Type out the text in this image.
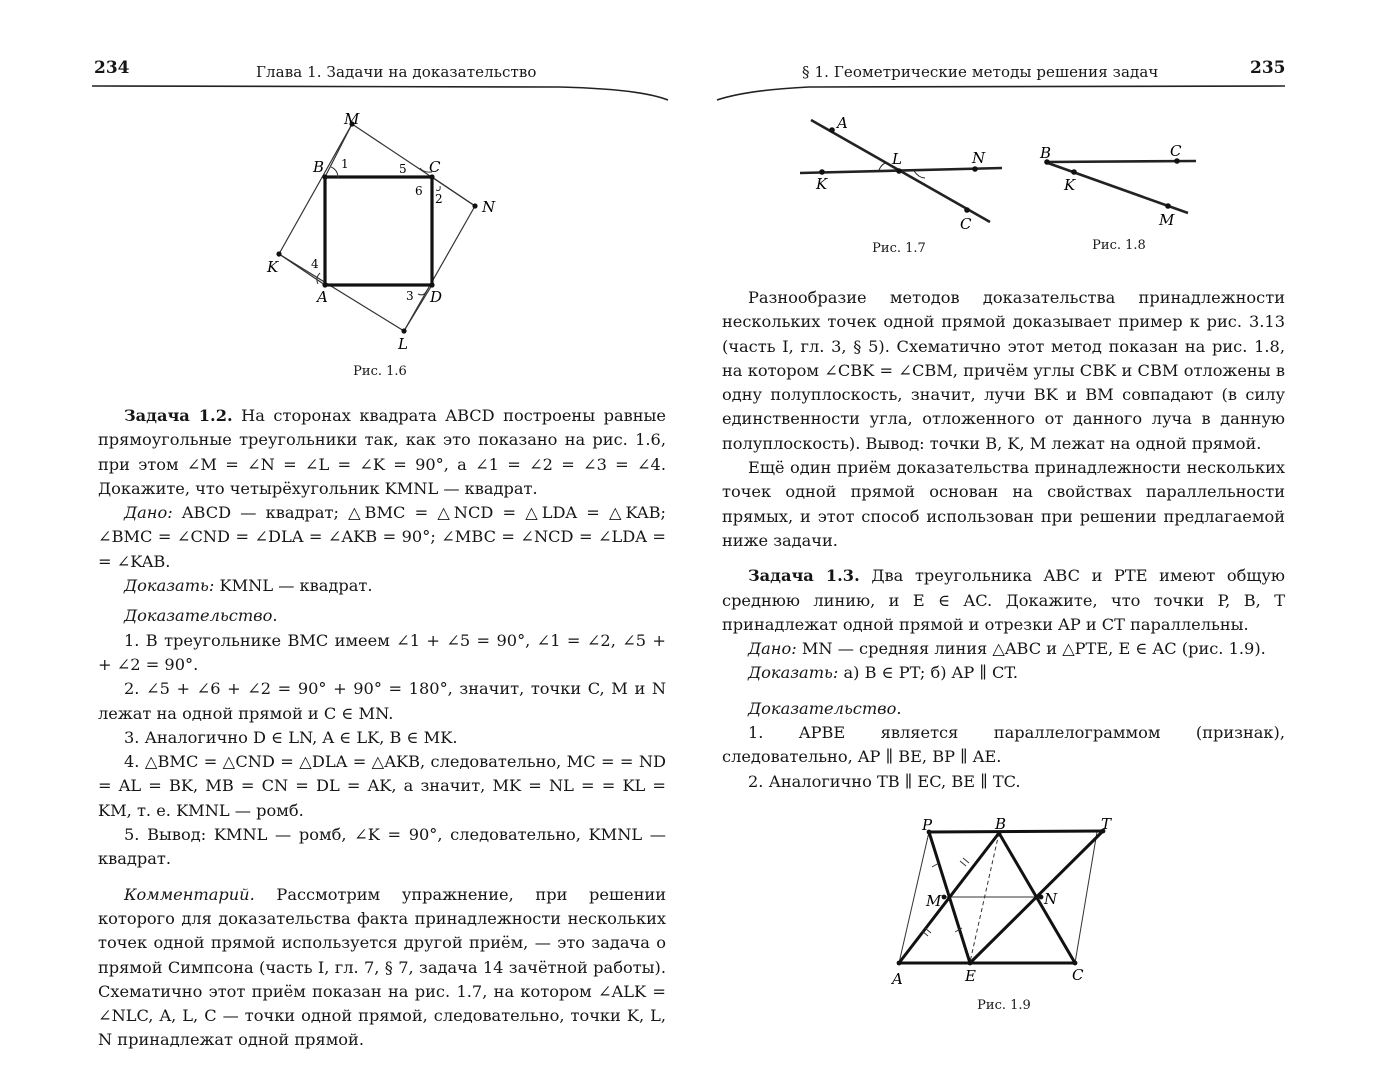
234	Глава 1. Задачи на доказательство
M
B	C
N
K
A	D
L
1
2
3
4
5
6
Рис. 1.6

Задача 1.2. На сторонах квадрата ABCD построены равные прямоугольные треугольники так, как это показано на рис. 1.6, при этом ∠M = ∠N = ∠L = ∠K = 90°, а ∠1 = ∠2 = ∠3 = ∠4. Докажите, что четырёхугольник KMNL — квадрат.

Дано: ABCD — квадрат; △BMC = △NCD = △LDA = △KAB; ∠BMC = ∠CND = ∠DLA = ∠AKB = 90°; ∠MBC = ∠NCD = ∠LDA = = ∠KAB.

Доказать: KMNL — квадрат.

Доказательство.

1. В треугольнике BMC имеем ∠1 + ∠5 = 90°, ∠1 = ∠2, ∠5 + + ∠2 = 90°.

2. ∠5 + ∠6 + ∠2 = 90° + 90° = 180°, значит, точки C, M и N лежат на одной прямой и C ∈ MN.

3. Аналогично D ∈ LN, A ∈ LK, B ∈ MK.

4. △BMC = △CND = △DLA = △AKB, следовательно, MC = = ND = AL = BK, MB = CN = DL = AK, а значит, MK = NL = = KL = KM, т. е. KMNL — ромб.

5. Вывод: KMNL — ромб, ∠K = 90°, следовательно, KMNL — квадрат.

Комментарий. Рассмотрим упражнение, при решении которого для доказательства факта принадлежности нескольких точек одной прямой используется другой приём, — это задача о прямой Симпсона (часть I, гл. 7, § 7, задача 14 зачётной работы). Схематично этот приём показан на рис. 1.7, на котором ∠ALK = ∠NLC, A, L, C — точки одной прямой, следовательно, точки K, L, N принадлежат одной прямой.

§ 1. Геометрические методы решения задач	235
A
L	N
K
C
Рис. 1.7
B	C
K
M
Рис. 1.8

Разнообразие методов доказательства принадлежности нескольких точек одной прямой доказывает пример к рис. 3.13 (часть I, гл. 3, § 5). Схематично этот метод показан на рис. 1.8, на котором ∠CBK = ∠CBM, причём углы CBK и CBM отложены в одну полуплоскость, значит, лучи BK и BM совпадают (в силу единственности угла, отложенного от данного луча в данную полуплоскость). Вывод: точки B, K, M лежат на одной прямой.

Ещё один приём доказательства принадлежности нескольких точек одной прямой основан на свойствах параллельности прямых, и этот способ использован при решении предлагаемой ниже задачи.

Задача 1.3. Два треугольника ABC и PTE имеют общую среднюю линию, и E ∈ AC. Докажите, что точки P, B, T принадлежат одной прямой и отрезки AP и CT параллельны.

Дано: MN — средняя линия △ABC и △PTE, E ∈ AC (рис. 1.9).

Доказать: а) B ∈ PT; б) AP ∥ CT.

Доказательство.

1. APBE является параллелограммом (признак), следовательно, AP ∥ BE, BP ∥ AE.

2. Аналогично TB ∥ EC, BE ∥ TC.

P	B	T
M	N
A	E	C
Рис. 1.9
